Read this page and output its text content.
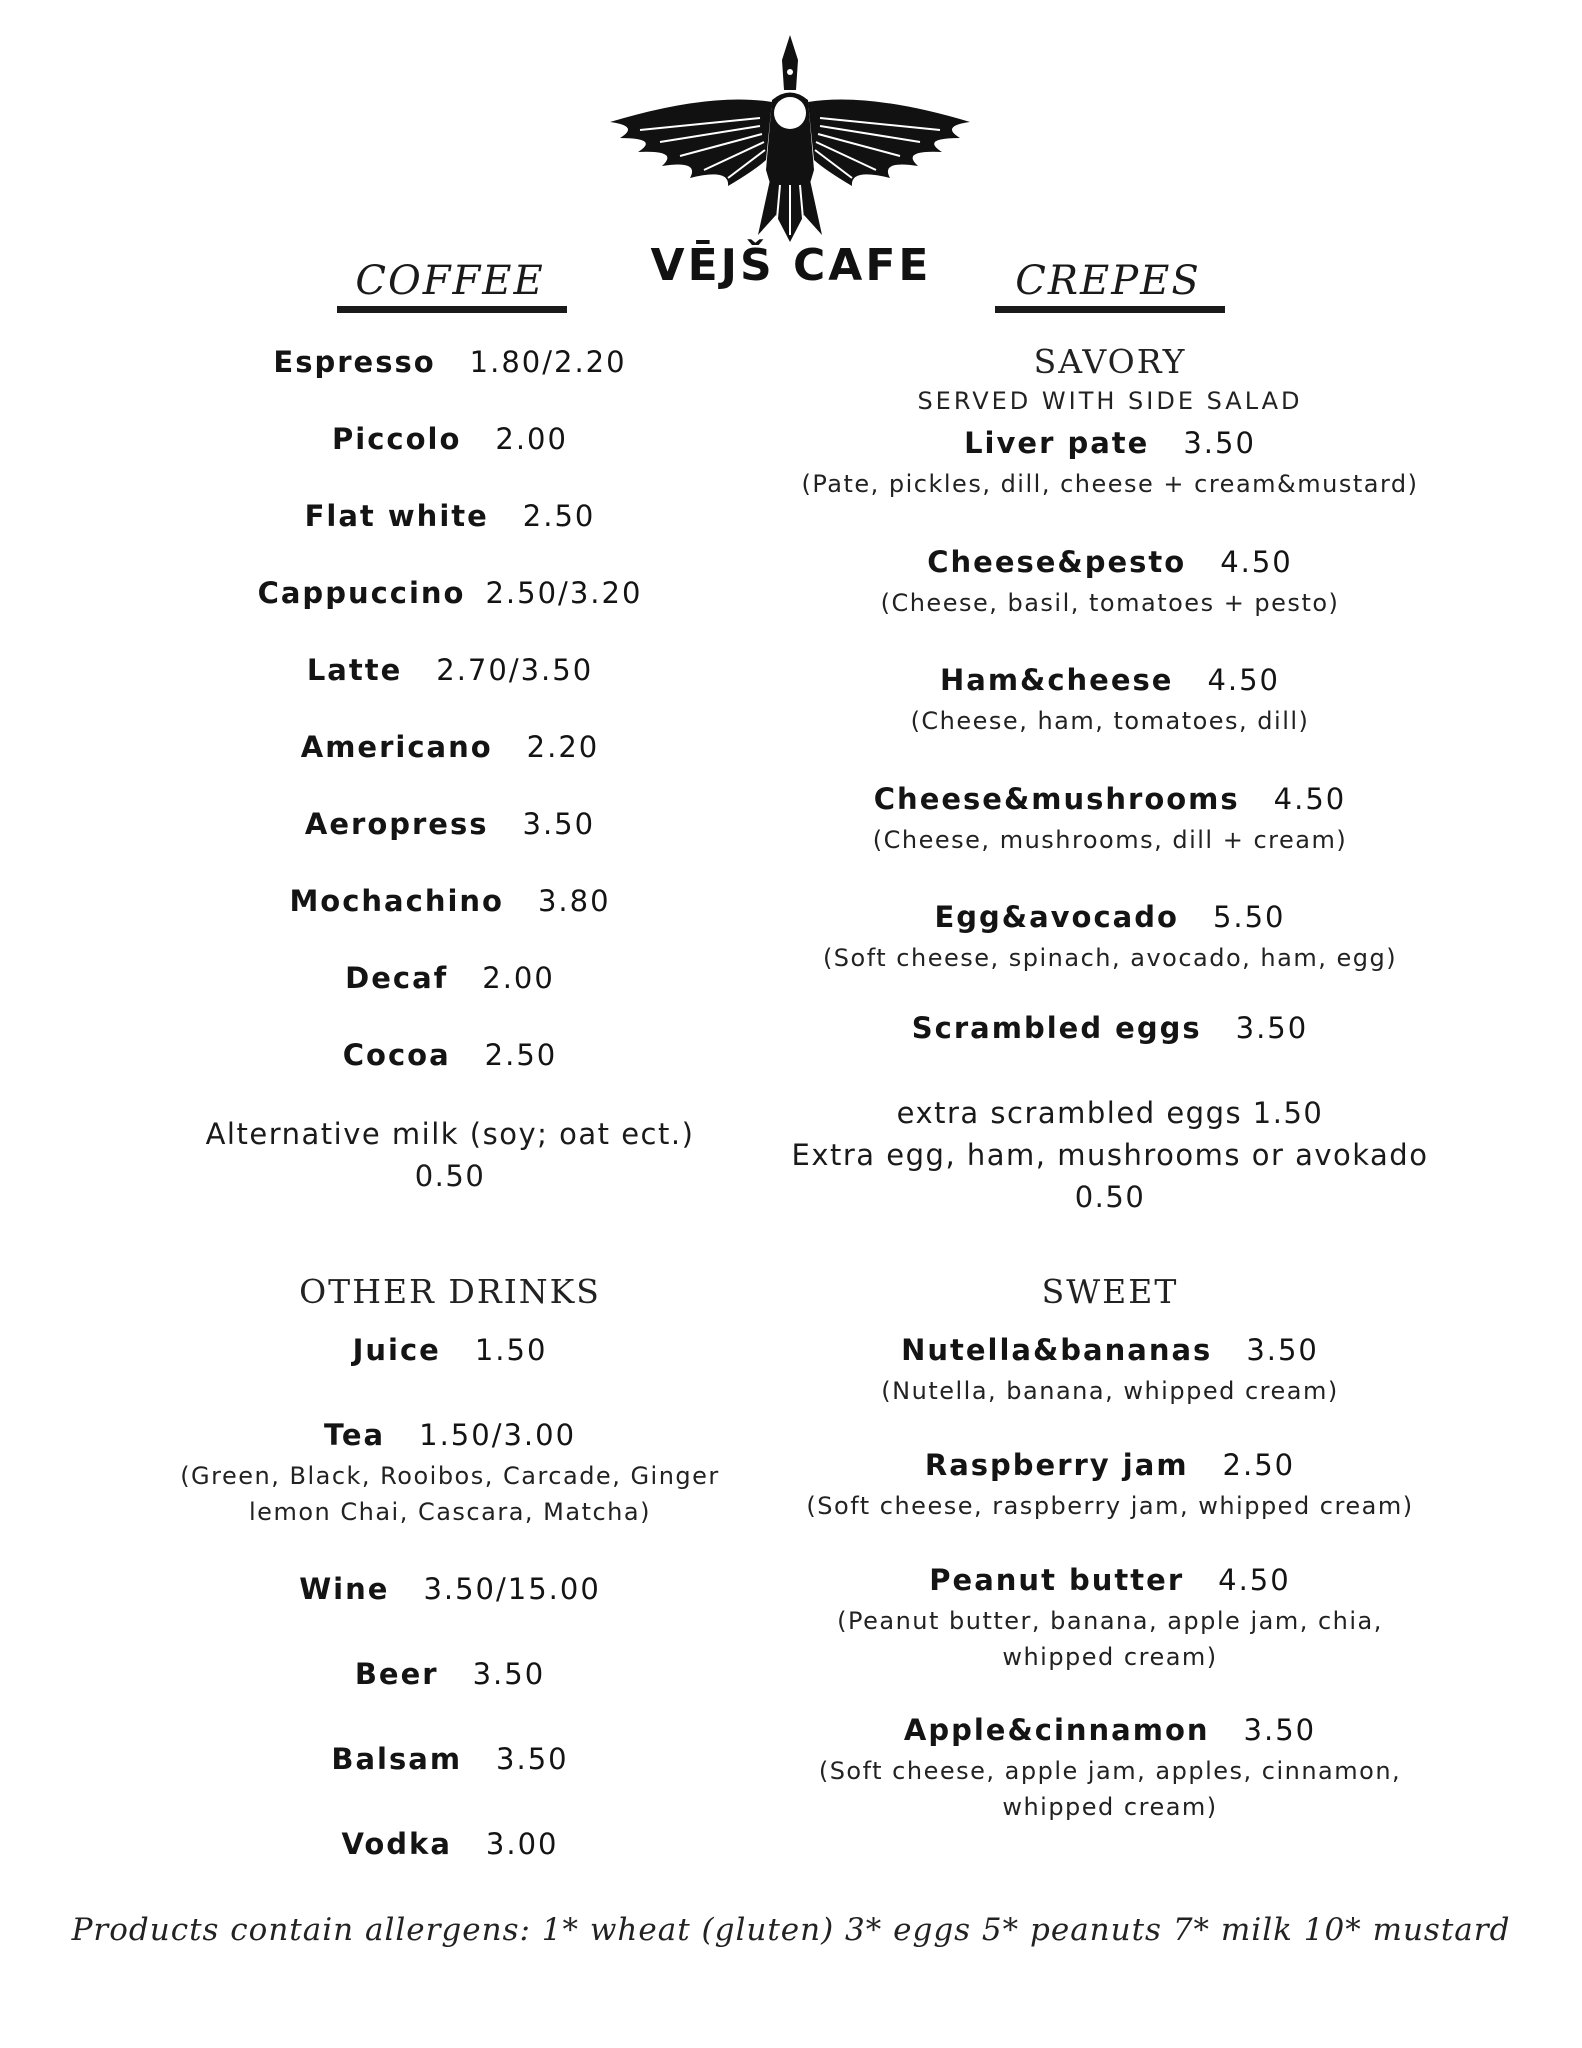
VĒJŠ CAFE
COFFEE
Espresso 1.80/2.20
Piccolo 2.00
Flat white 2.50
Cappuccino 2.50/3.20
Latte 2.70/3.50
Americano 2.20
Aeropress 3.50
Mochachino 3.80
Decaf 2.00
Cocoa 2.50
Alternative milk (soy; oat ect.)
0.50
OTHER DRINKS
Juice 1.50
Tea 1.50/3.00
(Green, Black, Rooibos, Carcade, Ginger
lemon Chai, Cascara, Matcha)
Wine 3.50/15.00
Beer 3.50
Balsam 3.50
Vodka 3.00
CREPES
SAVORY
SERVED WITH SIDE SALAD
Liver pate 3.50
(Pate, pickles, dill, cheese + cream&mustard)
Cheese&pesto 4.50
(Cheese, basil, tomatoes + pesto)
Ham&cheese 4.50
(Cheese, ham, tomatoes, dill)
Cheese&mushrooms 4.50
(Cheese, mushrooms, dill + cream)
Egg&avocado 5.50
(Soft cheese, spinach, avocado, ham, egg)
Scrambled eggs 3.50
extra scrambled eggs 1.50
Extra egg, ham, mushrooms or avokado
0.50
SWEET
Nutella&bananas 3.50
(Nutella, banana, whipped cream)
Raspberry jam 2.50
(Soft cheese, raspberry jam, whipped cream)
Peanut butter 4.50
(Peanut butter, banana, apple jam, chia,
whipped cream)
Apple&cinnamon 3.50
(Soft cheese, apple jam, apples, cinnamon,
whipped cream)
Products contain allergens: 1* wheat (gluten) 3* eggs 5* peanuts 7* milk 10* mustard
